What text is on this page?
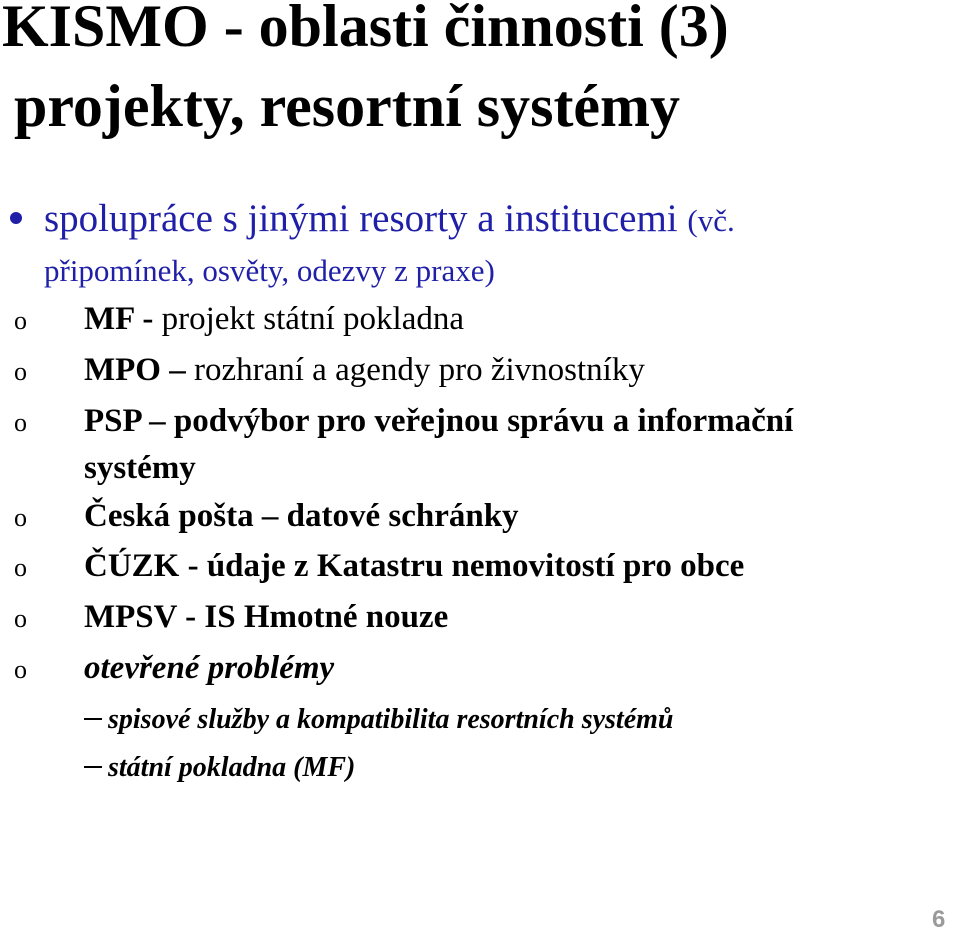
KISMO - oblasti činnosti (3)
projekty, resortní systémy
spolupráce s jinými resorty a institucemi (vč.
připomínek, osvěty, odezvy z praxe)
o MF - projekt státní pokladna
o MPO – rozhraní a agendy pro živnostníky
o PSP – podvýbor pro veřejnou správu a informační
systémy
o Česká pošta – datové schránky
o ČÚZK - údaje z Katastru nemovitostí pro obce
o MPSV - IS Hmotné nouze
o otevřené problémy
spisové služby a kompatibilita resortních systémů
státní pokladna (MF)
6
